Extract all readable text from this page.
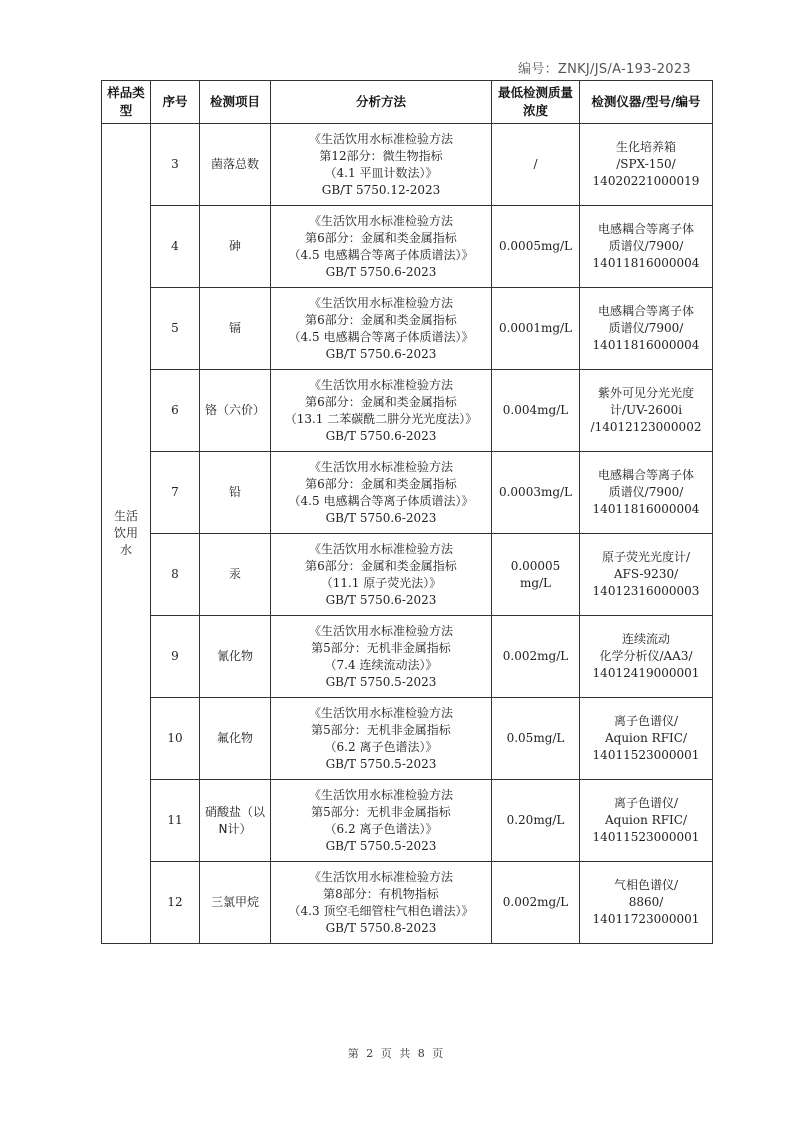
编号：ZNKJ/JS/A-193-2023
样品类型	序号	检测项目	分析方法	最低检测质量浓度	检测仪器/型号/编号

生活饮用水	3	菌落总数	《生活饮用水标准检验方法
第12部分：微生物指标
（4.1 平皿计数法）》
GB/T 5750.12-2023	/	生化培养箱
/SPX-150/
14020221000019

	4	砷	《生活饮用水标准检验方法
第6部分：金属和类金属指标
（4.5 电感耦合等离子体质谱法）》
GB/T 5750.6-2023	0.0005mg/L	电感耦合等离子体
质谱仪/7900/
14011816000004

	5	镉	《生活饮用水标准检验方法
第6部分：金属和类金属指标
（4.5 电感耦合等离子体质谱法）》
GB/T 5750.6-2023	0.0001mg/L	电感耦合等离子体
质谱仪/7900/
14011816000004

	6	铬（六价）	《生活饮用水标准检验方法
第6部分：金属和类金属指标
（13.1 二苯碳酰二肼分光光度法）》
GB/T 5750.6-2023	0.004mg/L	紫外可见分光光度
计/UV-2600i
/14012123000002

	7	铅	《生活饮用水标准检验方法
第6部分：金属和类金属指标
（4.5 电感耦合等离子体质谱法）》
GB/T 5750.6-2023	0.0003mg/L	电感耦合等离子体
质谱仪/7900/
14011816000004

	8	汞	《生活饮用水标准检验方法
第6部分：金属和类金属指标
（11.1 原子荧光法）》
GB/T 5750.6-2023	0.00005 mg/L	原子荧光光度计/
AFS-9230/
14012316000003

	9	氰化物	《生活饮用水标准检验方法
第5部分：无机非金属指标
（7.4 连续流动法）》
GB/T 5750.5-2023	0.002mg/L	连续流动
化学分析仪/AA3/
14012419000001

	10	氟化物	《生活饮用水标准检验方法
第5部分：无机非金属指标
（6.2 离子色谱法）》
GB/T 5750.5-2023	0.05mg/L	离子色谱仪/
Aquion RFIC/
14011523000001

	11	硝酸盐（以N计）	《生活饮用水标准检验方法
第5部分：无机非金属指标
（6.2 离子色谱法）》
GB/T 5750.5-2023	0.20mg/L	离子色谱仪/
Aquion RFIC/
14011523000001

	12	三氯甲烷	《生活饮用水标准检验方法
第8部分：有机物指标
（4.3 顶空毛细管柱气相色谱法）》
GB/T 5750.8-2023	0.002mg/L	气相色谱仪/
8860/
14011723000001
第 2 页 共 8 页
